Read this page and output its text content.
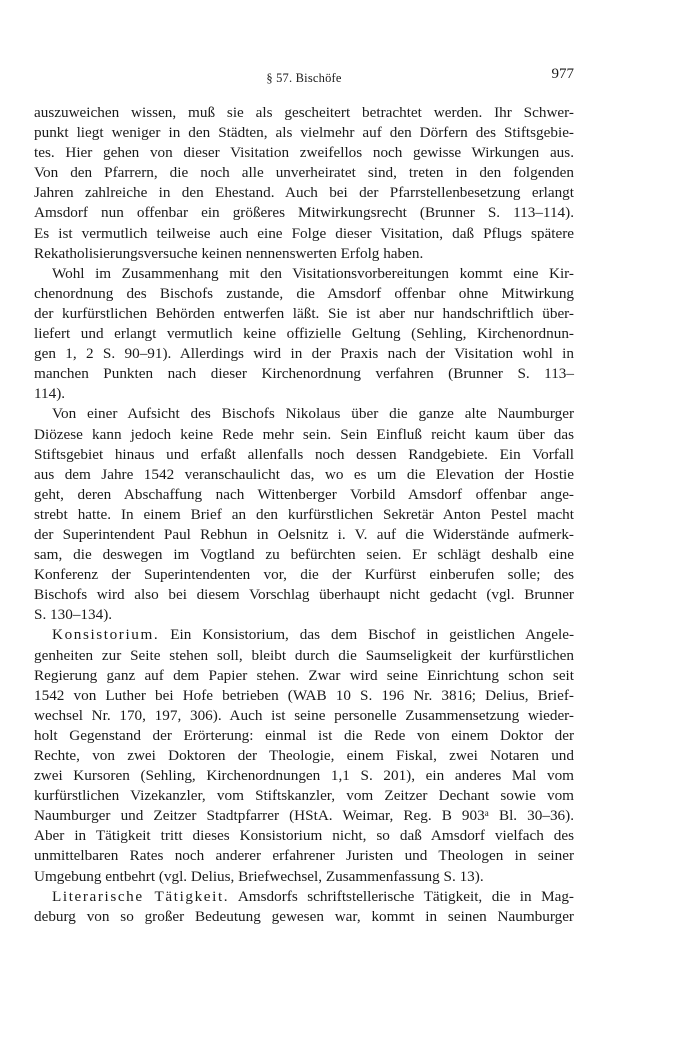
§ 57. Bischöfe	977

auszuweichen wissen, muß sie als gescheitert betrachtet werden. Ihr Schwer-
punkt liegt weniger in den Städten, als vielmehr auf den Dörfern des Stiftsgebie-
tes. Hier gehen von dieser Visitation zweifellos noch gewisse Wirkungen aus.
Von den Pfarrern, die noch alle unverheiratet sind, treten in den folgenden
Jahren zahlreiche in den Ehestand. Auch bei der Pfarrstellenbesetzung erlangt
Amsdorf nun offenbar ein größeres Mitwirkungsrecht (Brunner S. 113–114).
Es ist vermutlich teilweise auch eine Folge dieser Visitation, daß Pflugs spätere
Rekatholisierungsversuche keinen nennenswerten Erfolg haben.

Wohl im Zusammenhang mit den Visitationsvorbereitungen kommt eine Kir-
chenordnung des Bischofs zustande, die Amsdorf offenbar ohne Mitwirkung
der kurfürstlichen Behörden entwerfen läßt. Sie ist aber nur handschriftlich über-
liefert und erlangt vermutlich keine offizielle Geltung (Sehling, Kirchenordnun-
gen 1, 2 S. 90–91). Allerdings wird in der Praxis nach der Visitation wohl in
manchen Punkten nach dieser Kirchenordnung verfahren (Brunner S. 113–
114).

Von einer Aufsicht des Bischofs Nikolaus über die ganze alte Naumburger
Diözese kann jedoch keine Rede mehr sein. Sein Einfluß reicht kaum über das
Stiftsgebiet hinaus und erfaßt allenfalls noch dessen Randgebiete. Ein Vorfall
aus dem Jahre 1542 veranschaulicht das, wo es um die Elevation der Hostie
geht, deren Abschaffung nach Wittenberger Vorbild Amsdorf offenbar ange-
strebt hatte. In einem Brief an den kurfürstlichen Sekretär Anton Pestel macht
der Superintendent Paul Rebhun in Oelsnitz i. V. auf die Widerstände aufmerk-
sam, die deswegen im Vogtland zu befürchten seien. Er schlägt deshalb eine
Konferenz der Superintendenten vor, die der Kurfürst einberufen solle; des
Bischofs wird also bei diesem Vorschlag überhaupt nicht gedacht (vgl. Brunner
S. 130–134).

Konsistorium. Ein Konsistorium, das dem Bischof in geistlichen Angele-
genheiten zur Seite stehen soll, bleibt durch die Saumseligkeit der kurfürstlichen
Regierung ganz auf dem Papier stehen. Zwar wird seine Einrichtung schon seit
1542 von Luther bei Hofe betrieben (WAB 10 S. 196 Nr. 3816; Delius, Brief-
wechsel Nr. 170, 197, 306). Auch ist seine personelle Zusammensetzung wieder-
holt Gegenstand der Erörterung: einmal ist die Rede von einem Doktor der
Rechte, von zwei Doktoren der Theologie, einem Fiskal, zwei Notaren und
zwei Kursoren (Sehling, Kirchenordnungen 1,1 S. 201), ein anderes Mal vom
kurfürstlichen Vizekanzler, vom Stiftskanzler, vom Zeitzer Dechant sowie vom
Naumburger und Zeitzer Stadtpfarrer (HStA. Weimar, Reg. B 903ᵃ Bl. 30–36).
Aber in Tätigkeit tritt dieses Konsistorium nicht, so daß Amsdorf vielfach des
unmittelbaren Rates noch anderer erfahrener Juristen und Theologen in seiner
Umgebung entbehrt (vgl. Delius, Briefwechsel, Zusammenfassung S. 13).

Literarische Tätigkeit. Amsdorfs schriftstellerische Tätigkeit, die in Mag-
deburg von so großer Bedeutung gewesen war, kommt in seinen Naumburger
